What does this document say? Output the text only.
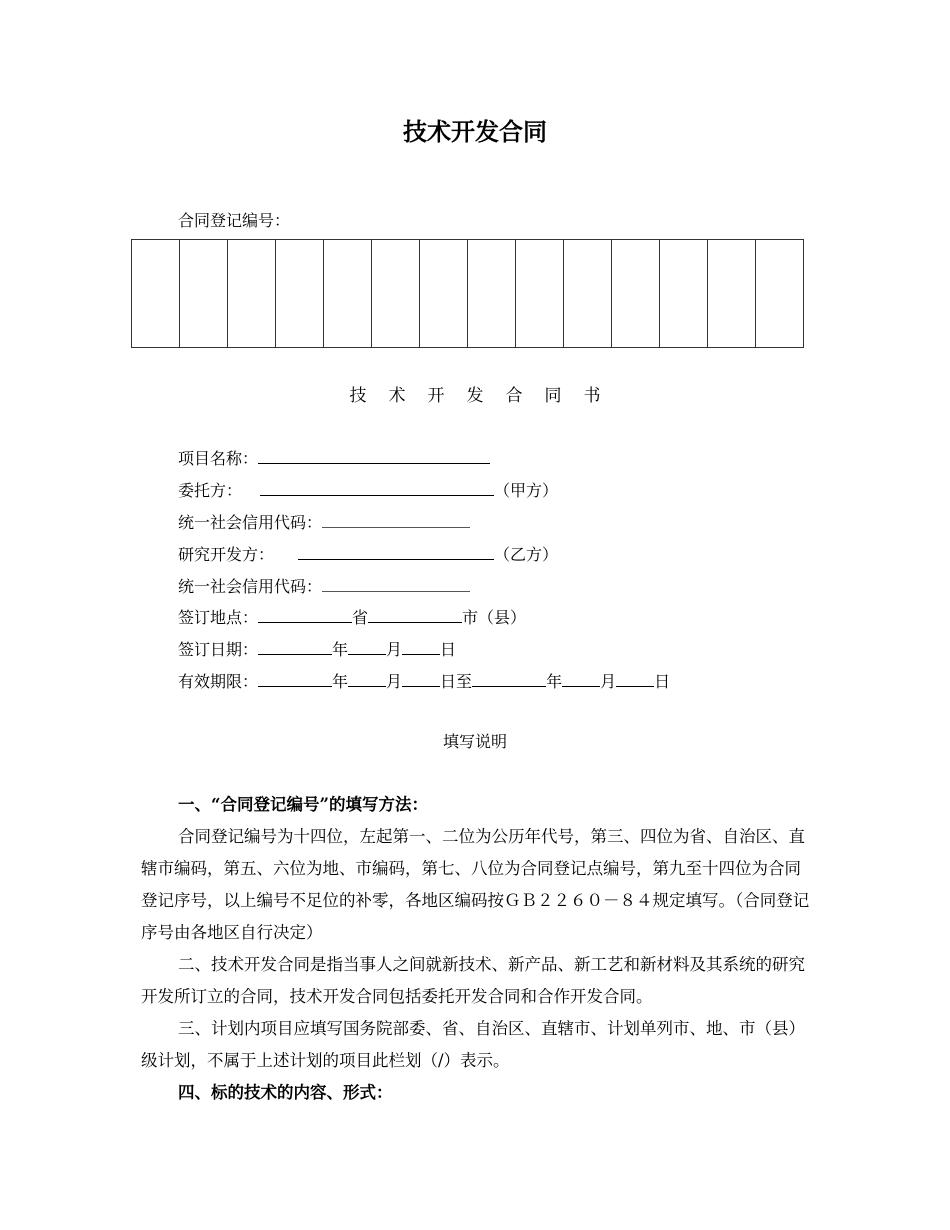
技术开发合同
合同登记编号：

技术开发合同书
项目名称：
委托方：	（甲方）
统一社会信用代码：
研究开发方：	（乙方）
统一社会信用代码：
签订地点：	省	市（县）
签订日期：	年 月 日
有效期限：	年 月 日至	年 月 日
填写说明
一、“合同登记编号”的填写方法：
合同登记编号为十四位，左起第一、二位为公历年代号，第三、四位为省、自治区、直辖市编码，第五、六位为地、市编码，第七、八位为合同登记点编号，第九至十四位为合同登记序号，以上编号不足位的补零，各地区编码按ＧＢ２２６０－８４规定填写。（合同登记序号由各地区自行决定）
二、技术开发合同是指当事人之间就新技术、新产品、新工艺和新材料及其系统的研究开发所订立的合同，技术开发合同包括委托开发合同和合作开发合同。
三、计划内项目应填写国务院部委、省、自治区、直辖市、计划单列市、地、市（县）级计划，不属于上述计划的项目此栏划（/）表示。
四、标的技术的内容、形式：
